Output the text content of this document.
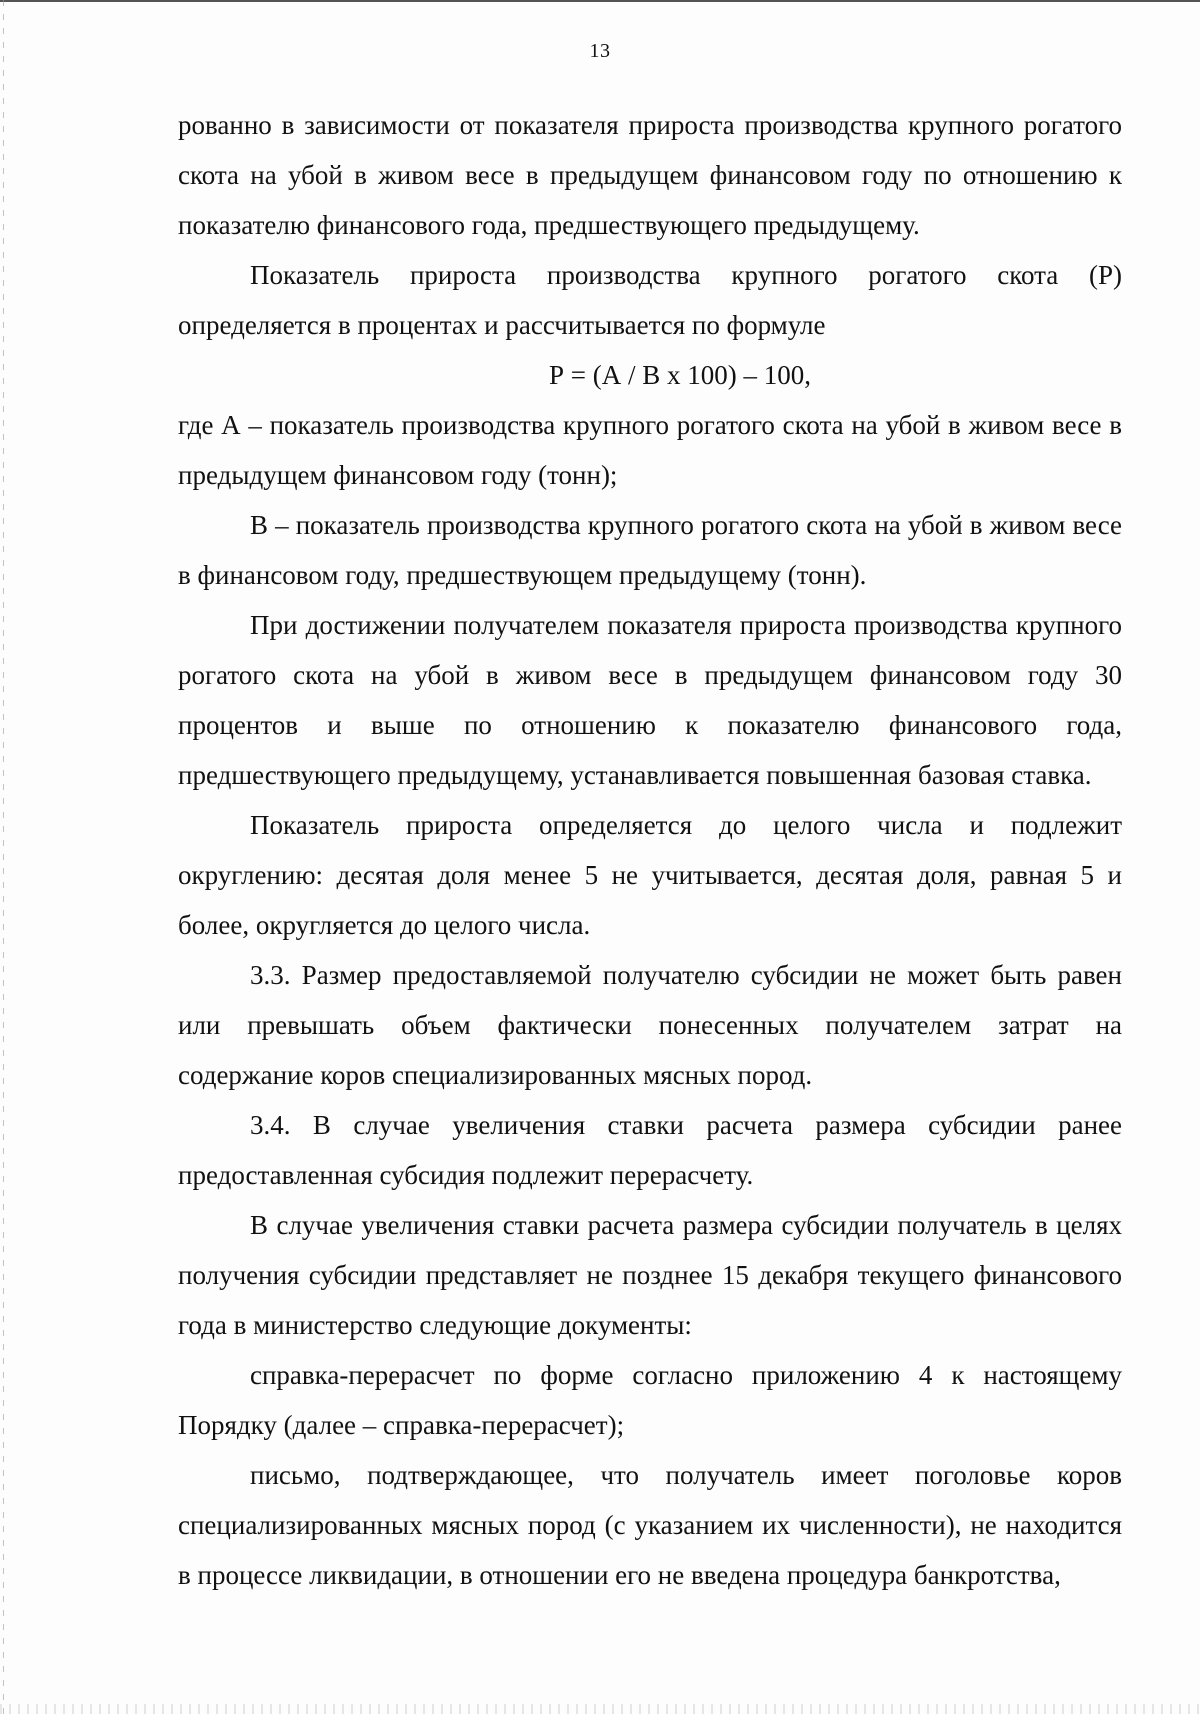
13

рованно в зависимости от показателя прироста производства крупного рогатого скота на убой в живом весе в предыдущем финансовом году по отношению к показателю финансового года, предшествующего предыдущему.

Показатель прироста производства крупного рогатого скота (Р) определяется в процентах и рассчитывается по формуле

Р = (А / В х 100) – 100,

где А – показатель производства крупного рогатого скота на убой в живом весе в предыдущем финансовом году (тонн);

В – показатель производства крупного рогатого скота на убой в живом весе в финансовом году, предшествующем предыдущему (тонн).

При достижении получателем показателя прироста производства крупного рогатого скота на убой в живом весе в предыдущем финансовом году 30 процентов и выше по отношению к показателю финансового года, предшествующего предыдущему, устанавливается повышенная базовая ставка.

Показатель прироста определяется до целого числа и подлежит округлению: десятая доля менее 5 не учитывается, десятая доля, равная 5 и более, округляется до целого числа.

3.3. Размер предоставляемой получателю субсидии не может быть равен или превышать объем фактически понесенных получателем затрат на содержание коров специализированных мясных пород.

3.4. В случае увеличения ставки расчета размера субсидии ранее предоставленная субсидия подлежит перерасчету.

В случае увеличения ставки расчета размера субсидии получатель в целях получения субсидии представляет не позднее 15 декабря текущего финансового года в министерство следующие документы:

справка-перерасчет по форме согласно приложению 4 к настоящему Порядку (далее – справка-перерасчет);

письмо, подтверждающее, что получатель имеет поголовье коров специализированных мясных пород (с указанием их численности), не находится в процессе ликвидации, в отношении его не введена процедура банкротства,
